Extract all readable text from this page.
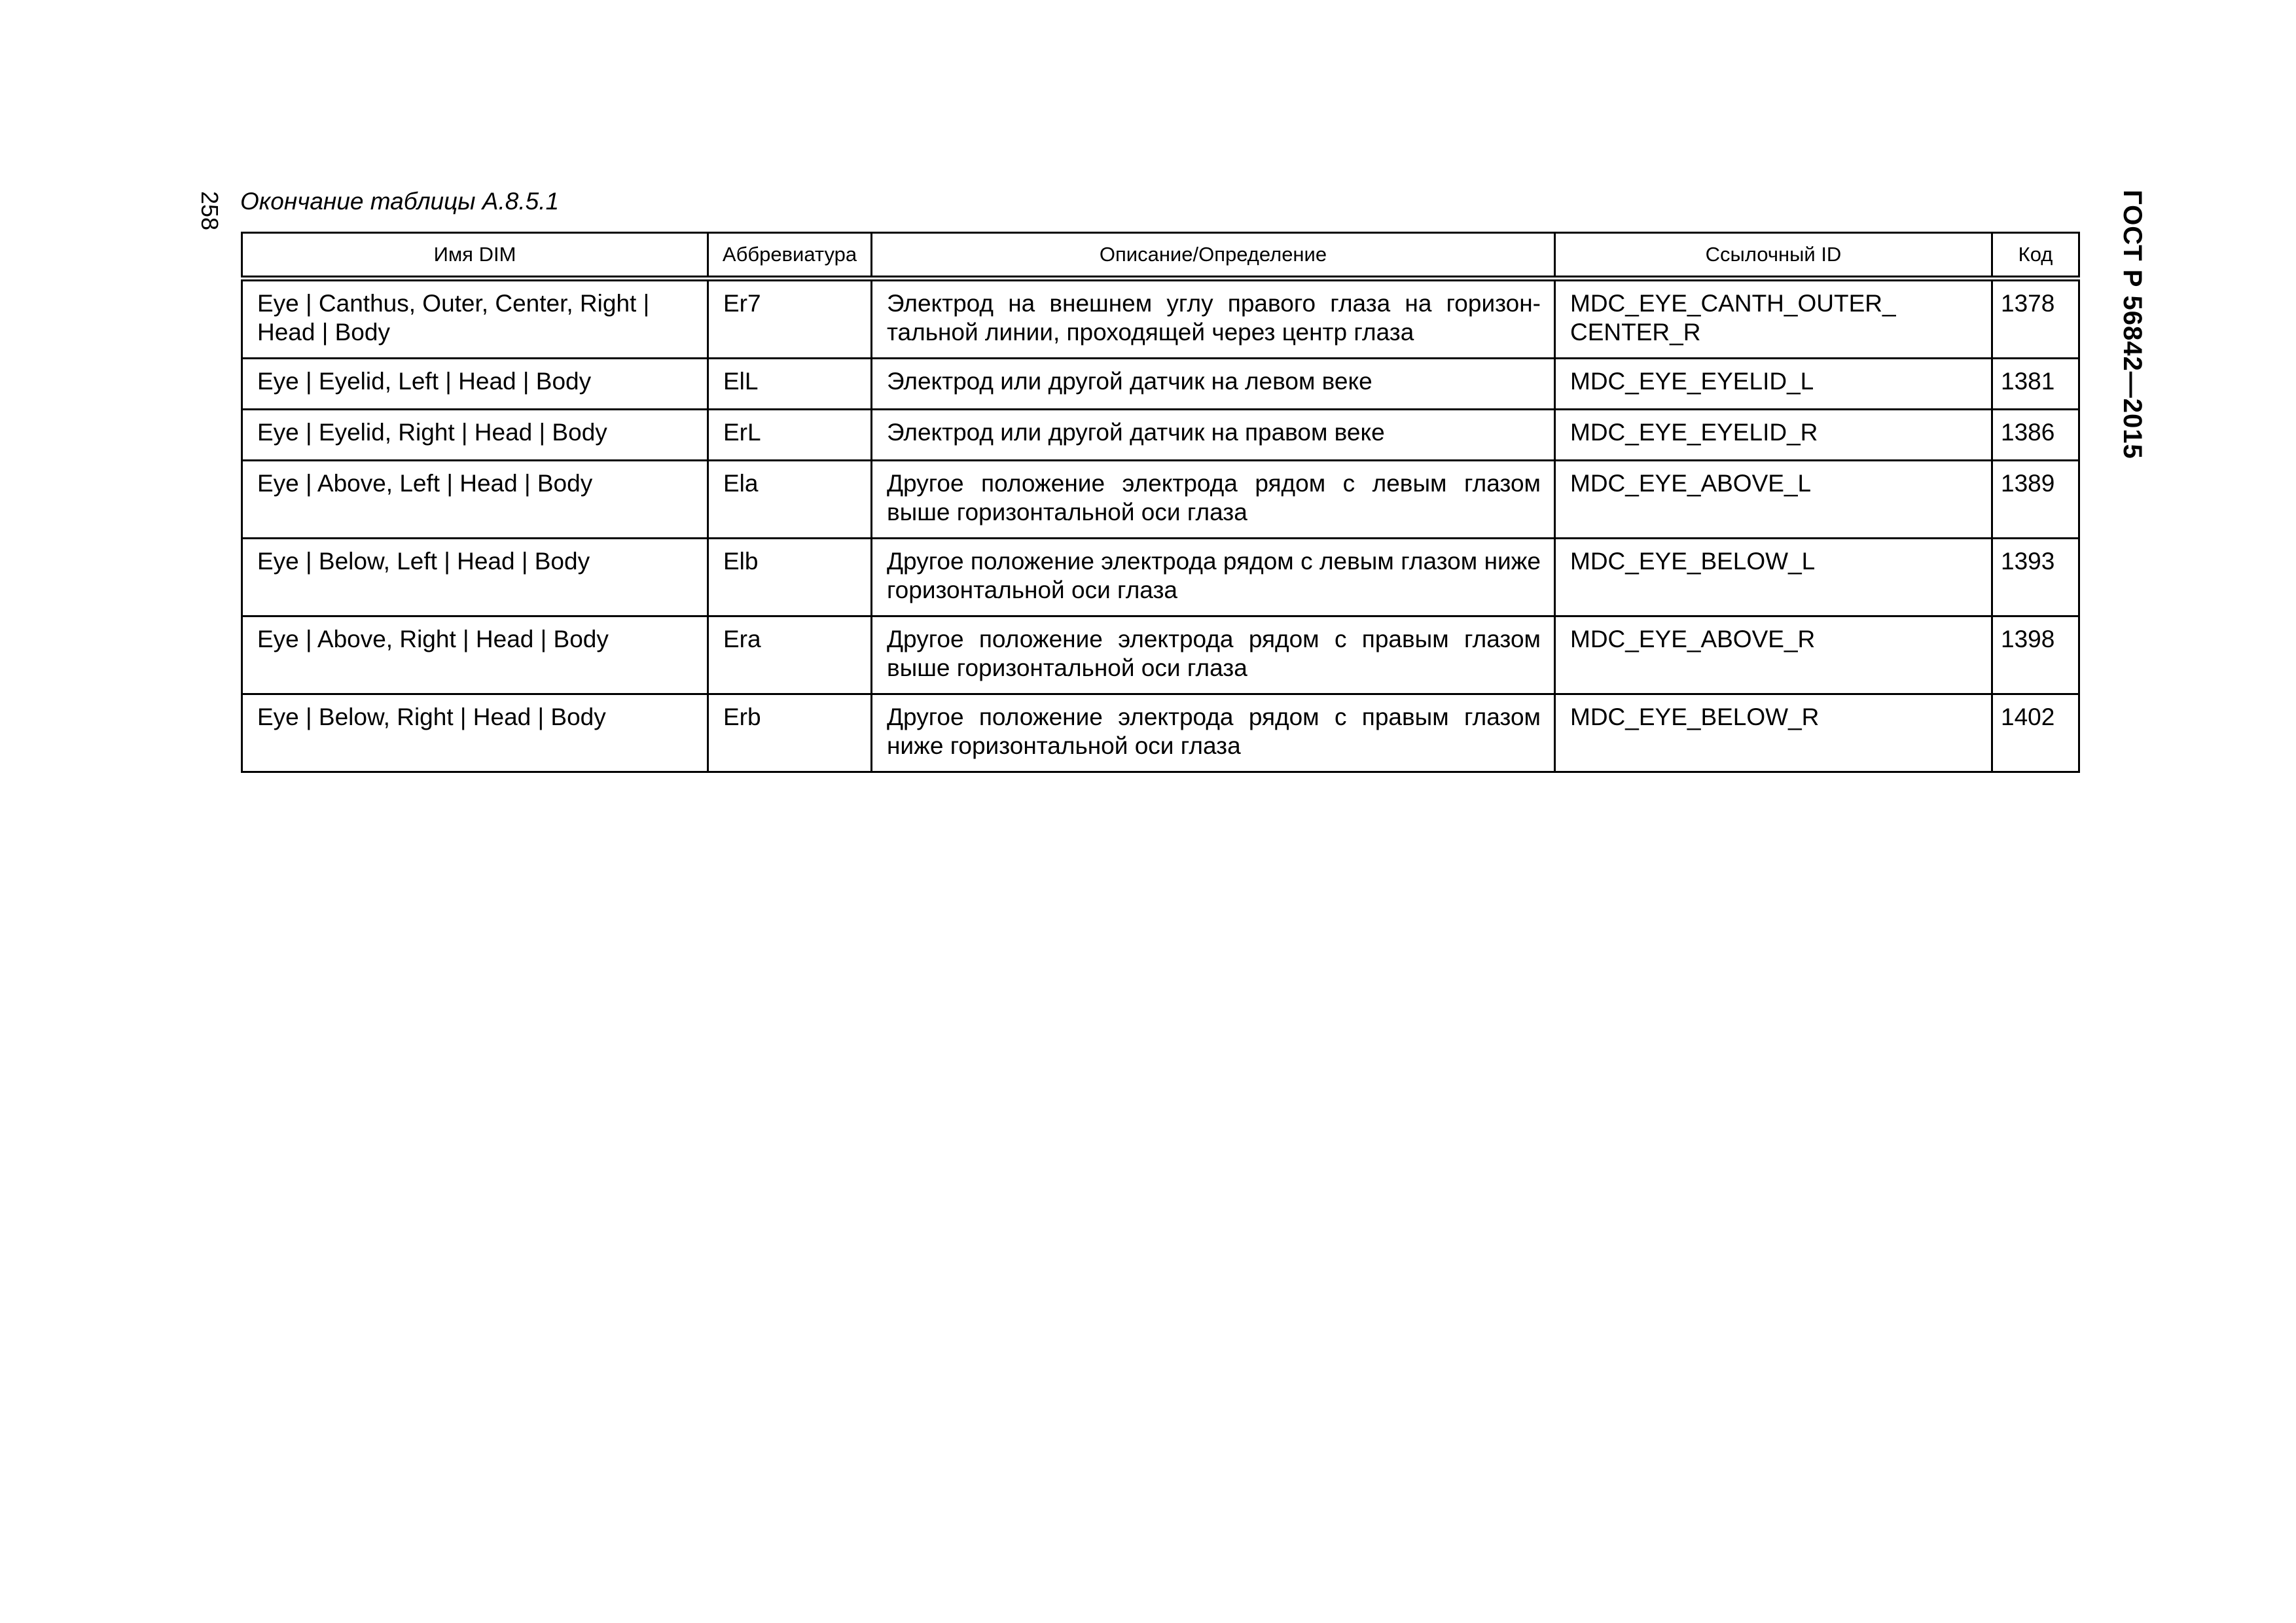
258	ГОСТ Р 56842—2015
Окончание таблицы А.8.5.1
Имя DIM	Аббревиатура	Описание/Определение	Ссылочный ID	Код
Eye | Canthus, Outer, Center, Right | Head | Body	Er7	Электрод на внешнем углу правого глаза на горизон-тальной линии, проходящей через центр глаза	MDC_EYE_CANTH_OUTER_ CENTER_R	1378
Eye | Eyelid, Left | Head | Body	ElL	Электрод или другой датчик на левом веке	MDC_EYE_EYELID_L	1381
Eye | Eyelid, Right | Head | Body	ErL	Электрод или другой датчик на правом веке	MDC_EYE_EYELID_R	1386
Eye | Above, Left | Head | Body	Ela	Другое положение электрода рядом с левым глазом выше горизонтальной оси глаза	MDC_EYE_ABOVE_L	1389
Eye | Below, Left | Head | Body	Elb	Другое положение электрода рядом с левым глазом ниже горизонтальной оси глаза	MDC_EYE_BELOW_L	1393
Eye | Above, Right | Head | Body	Era	Другое положение электрода рядом с правым глазом выше горизонтальной оси глаза	MDC_EYE_ABOVE_R	1398
Eye | Below, Right | Head | Body	Erb	Другое положение электрода рядом с правым глазом ниже горизонтальной оси глаза	MDC_EYE_BELOW_R	1402
